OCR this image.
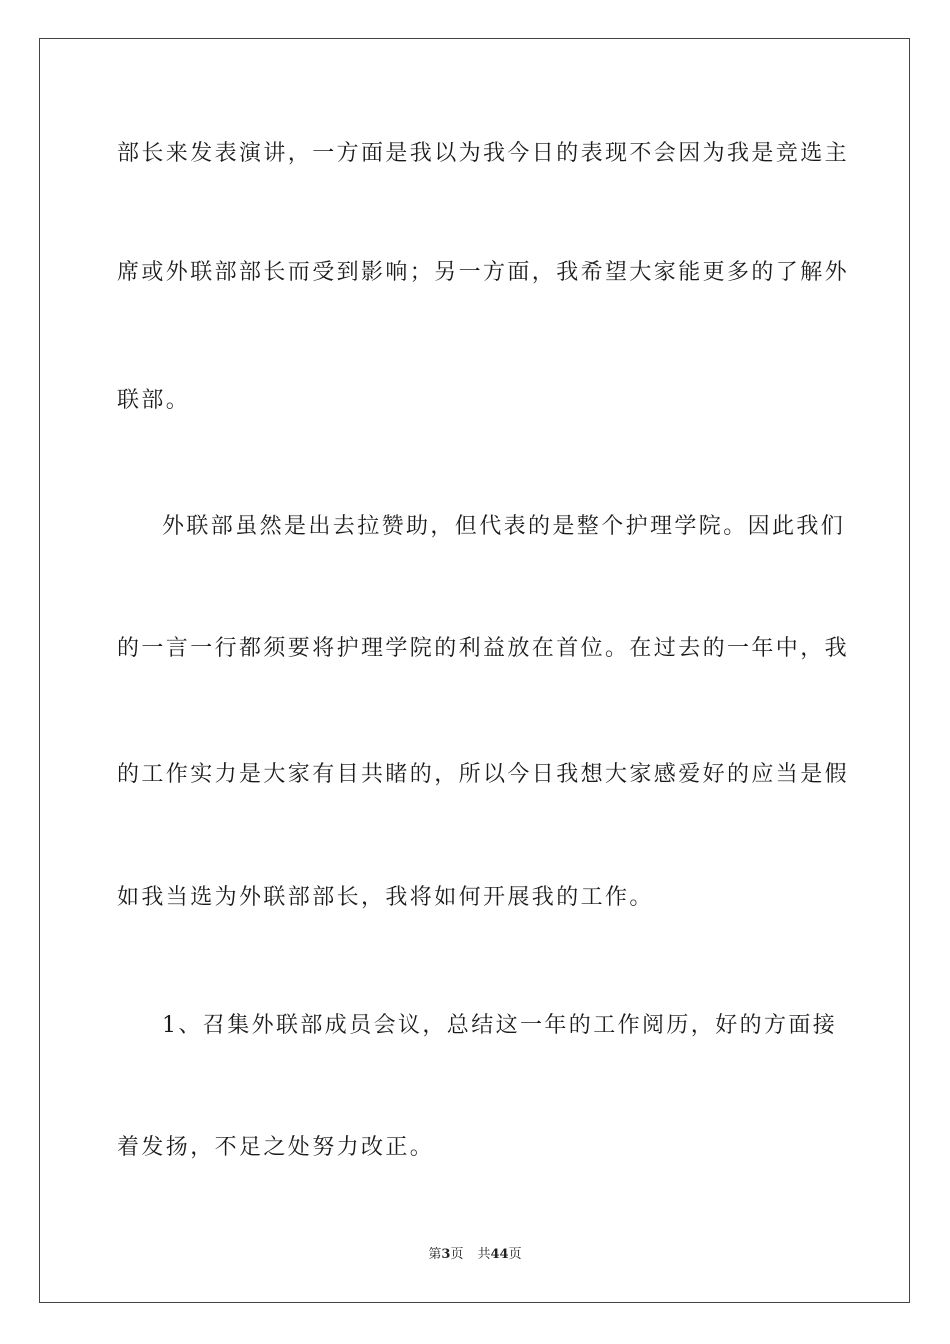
部长来发表演讲，一方面是我以为我今日的表现不会因为我是竞选主
席或外联部部长而受到影响；另一方面，我希望大家能更多的了解外
联部。
外联部虽然是出去拉赞助，但代表的是整个护理学院。因此我们
的一言一行都须要将护理学院的利益放在首位。在过去的一年中，我
的工作实力是大家有目共睹的，所以今日我想大家感爱好的应当是假
如我当选为外联部部长，我将如何开展我的工作。
1、召集外联部成员会议，总结这一年的工作阅历，好的方面接
着发扬，不足之处努力改正。
第3页 共44页
